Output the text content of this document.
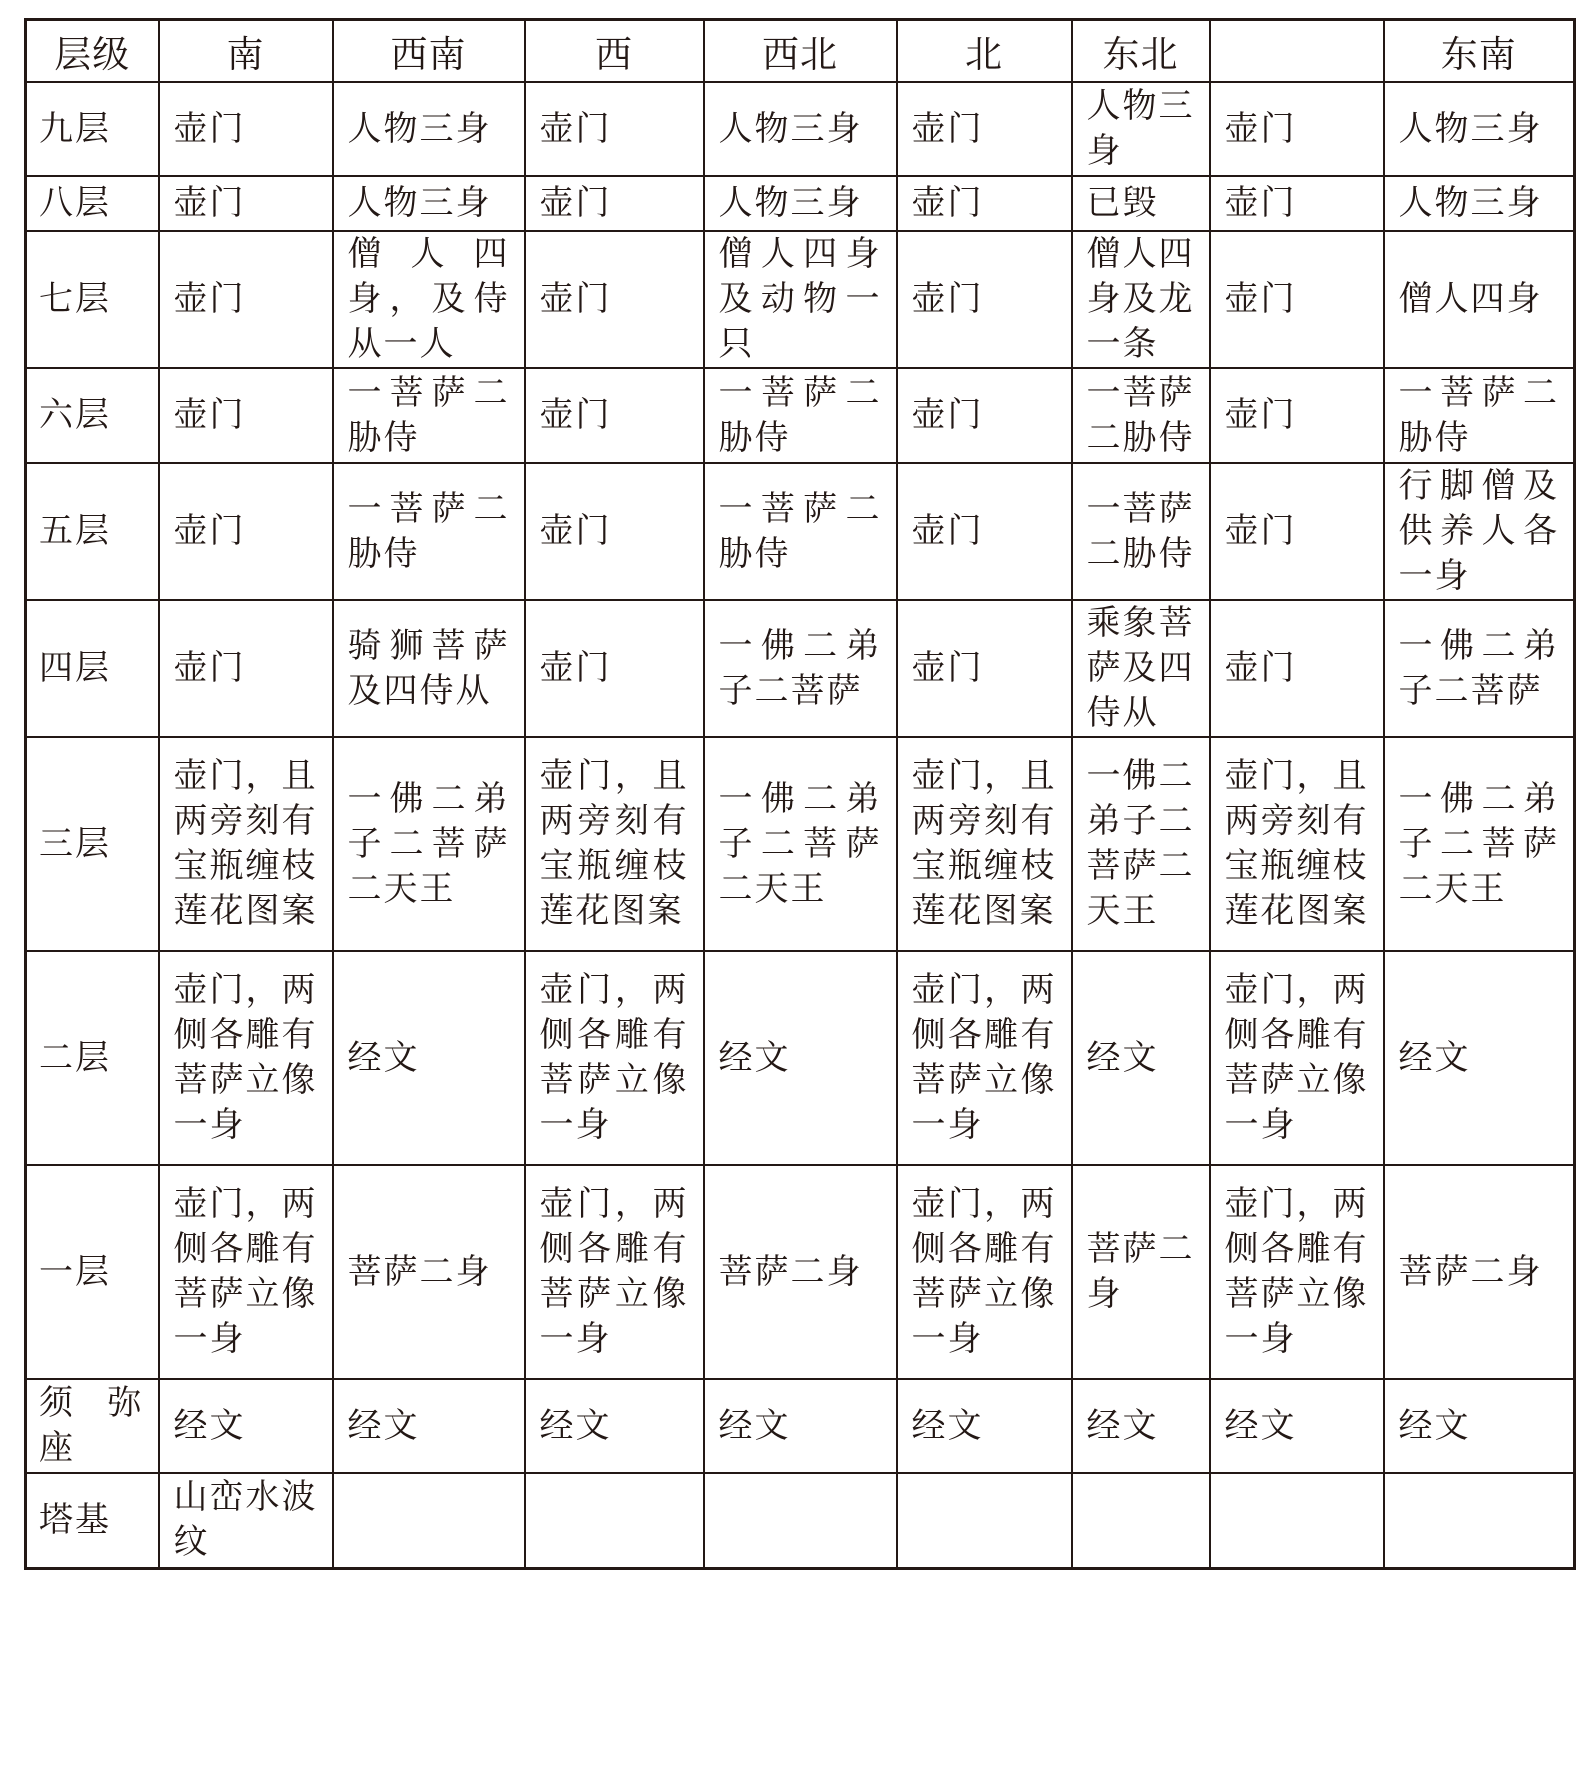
层级	南	西南	西	西北	北	东北		东南
九层	壶门	人物三身	壶门	人物三身	壶门	人物三身	壶门	人物三身
八层	壶门	人物三身	壶门	人物三身	壶门	已毁	壶门	人物三身
七层	壶门	僧人四身，及侍从一人	壶门	僧人四身及动物一只	壶门	僧人四身及龙一条	壶门	僧人四身
六层	壶门	一菩萨二胁侍	壶门	一菩萨二胁侍	壶门	一菩萨二胁侍	壶门	一菩萨二胁侍
五层	壶门	一菩萨二胁侍	壶门	一菩萨二胁侍	壶门	一菩萨二胁侍	壶门	行脚僧及供养人各一身
四层	壶门	骑狮菩萨及四侍从	壶门	一佛二弟子二菩萨	壶门	乘象菩萨及四侍从	壶门	一佛二弟子二菩萨
三层	壶门，且两旁刻有宝瓶缠枝莲花图案	一佛二弟子二菩萨二天王	壶门，且两旁刻有宝瓶缠枝莲花图案	一佛二弟子二菩萨二天王	壶门，且两旁刻有宝瓶缠枝莲花图案	一佛二弟子二菩萨二天王	壶门，且两旁刻有宝瓶缠枝莲花图案	一佛二弟子二菩萨二天王
二层	壶门，两侧各雕有菩萨立像一身	经文	壶门，两侧各雕有菩萨立像一身	经文	壶门，两侧各雕有菩萨立像一身	经文	壶门，两侧各雕有菩萨立像一身	经文
一层	壶门，两侧各雕有菩萨立像一身	菩萨二身	壶门，两侧各雕有菩萨立像一身	菩萨二身	壶门，两侧各雕有菩萨立像一身	菩萨二身	壶门，两侧各雕有菩萨立像一身	菩萨二身
须弥座	经文	经文	经文	经文	经文	经文	经文	经文
塔基	山峦水波纹							
